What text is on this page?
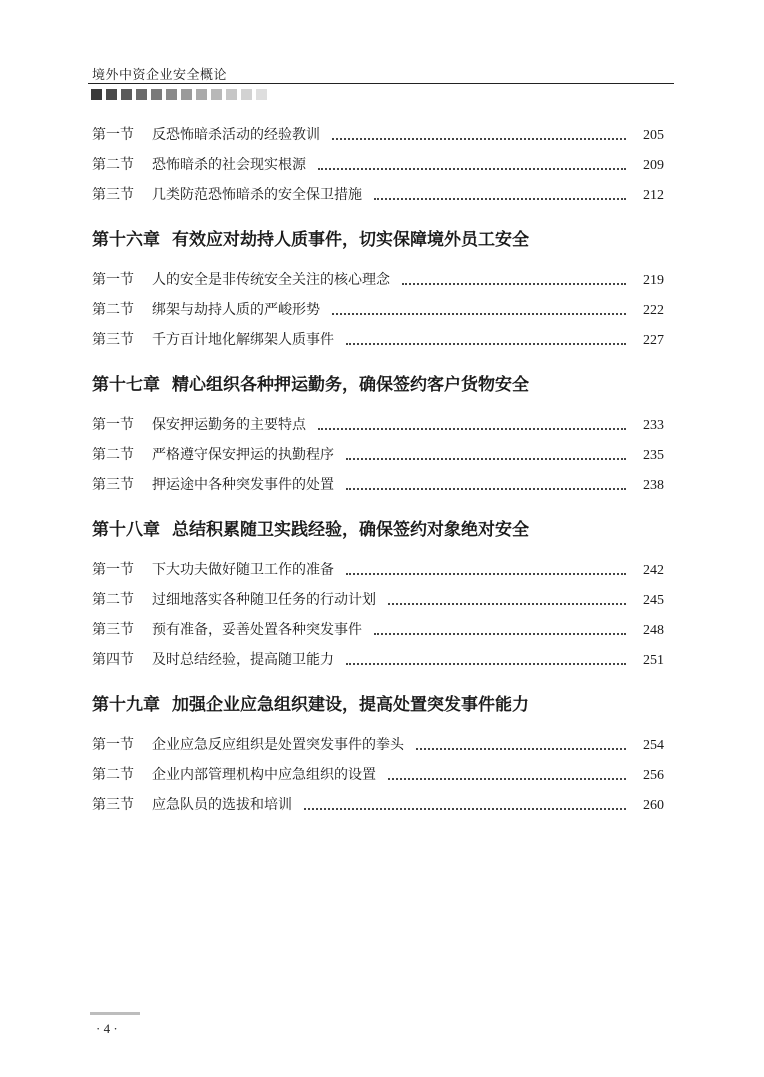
境外中资企业安全概论
第一节	反恐怖暗杀活动的经验教训	205
第二节	恐怖暗杀的社会现实根源	209
第三节	几类防范恐怖暗杀的安全保卫措施	212
第十六章 有效应对劫持人质事件，切实保障境外员工安全
第一节	人的安全是非传统安全关注的核心理念	219
第二节	绑架与劫持人质的严峻形势	222
第三节	千方百计地化解绑架人质事件	227
第十七章 精心组织各种押运勤务，确保签约客户货物安全
第一节	保安押运勤务的主要特点	233
第二节	严格遵守保安押运的执勤程序	235
第三节	押运途中各种突发事件的处置	238
第十八章 总结积累随卫实践经验，确保签约对象绝对安全
第一节	下大功夫做好随卫工作的准备	242
第二节	过细地落实各种随卫任务的行动计划	245
第三节	预有准备，妥善处置各种突发事件	248
第四节	及时总结经验，提高随卫能力	251
第十九章 加强企业应急组织建设，提高处置突发事件能力
第一节	企业应急反应组织是处置突发事件的拳头	254
第二节	企业内部管理机构中应急组织的设置	256
第三节	应急队员的选拔和培训	260
· 4 ·
